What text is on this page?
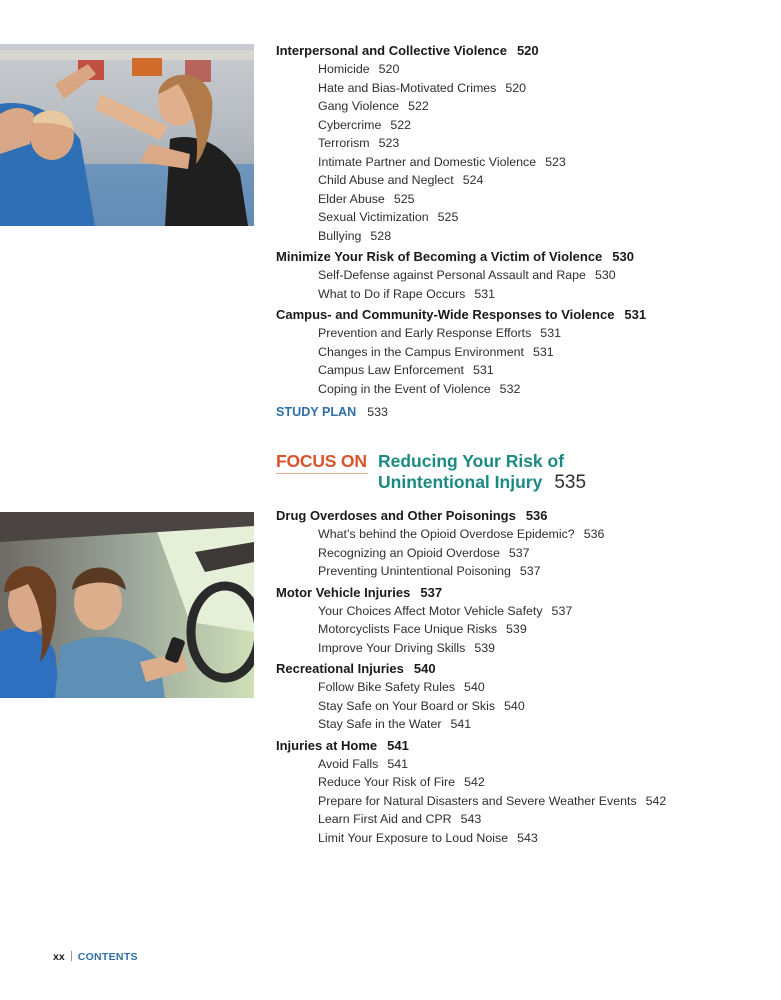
Interpersonal and Collective Violence 520
Homicide 520
Hate and Bias-Motivated Crimes 520
Gang Violence 522
Cybercrime 522
Terrorism 523
Intimate Partner and Domestic Violence 523
Child Abuse and Neglect 524
Elder Abuse 525
Sexual Victimization 525
Bullying 528
Minimize Your Risk of Becoming a Victim of Violence 530
Self-Defense against Personal Assault and Rape 530
What to Do if Rape Occurs 531
Campus- and Community-Wide Responses to Violence 531
Prevention and Early Response Efforts 531
Changes in the Campus Environment 531
Campus Law Enforcement 531
Coping in the Event of Violence 532
STUDY PLAN 533
FOCUS ON Reducing Your Risk of
Unintentional Injury 535
Drug Overdoses and Other Poisonings 536
What’s behind the Opioid Overdose Epidemic? 536
Recognizing an Opioid Overdose 537
Preventing Unintentional Poisoning 537
Motor Vehicle Injuries 537
Your Choices Affect Motor Vehicle Safety 537
Motorcyclists Face Unique Risks 539
Improve Your Driving Skills 539
Recreational Injuries 540
Follow Bike Safety Rules 540
Stay Safe on Your Board or Skis 540
Stay Safe in the Water 541
Injuries at Home 541
Avoid Falls 541
Reduce Your Risk of Fire 542
Prepare for Natural Disasters and Severe Weather Events 542
Learn First Aid and CPR 543
Limit Your Exposure to Loud Noise 543
xx CONTENTS
